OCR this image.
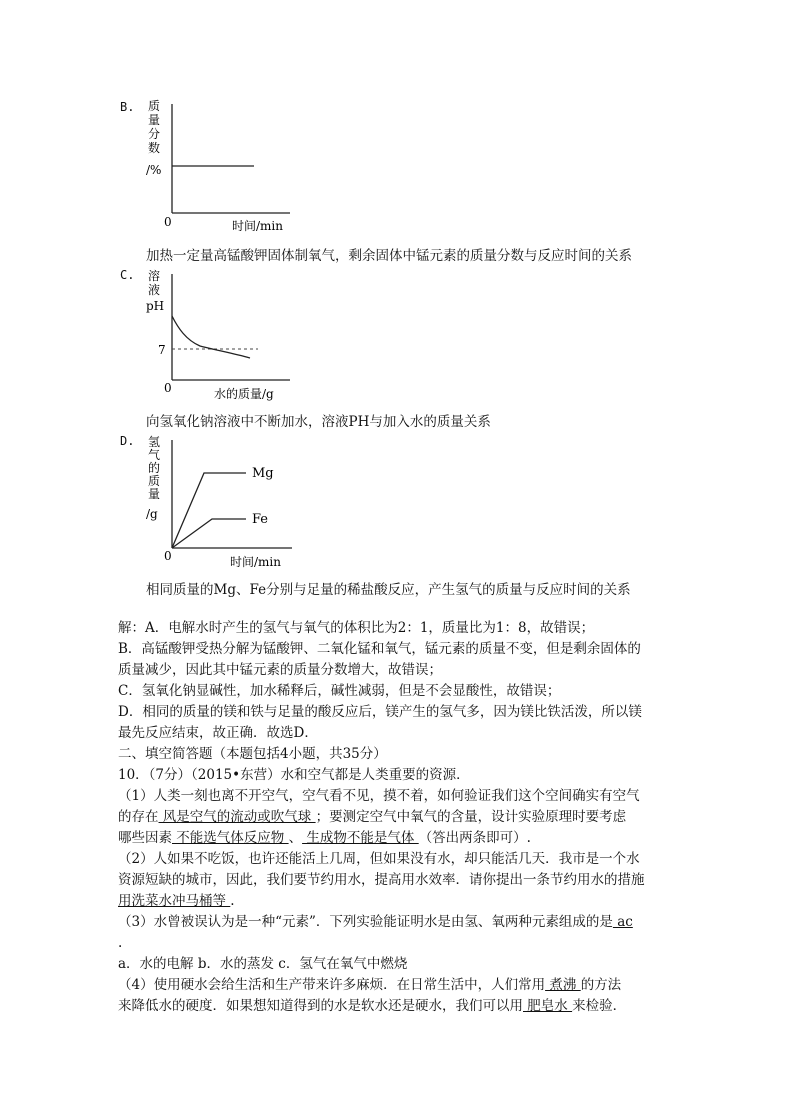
B. 质
量
分
数
/%
0	时间/min
加热一定量高锰酸钾固体制氧气，剩余固体中锰元素的质量分数与反应时间的关系
C. 溶
液
pH
7
0	水的质量/g
向氢氧化钠溶液中不断加水，溶液PH与加入水的质量关系
D. 氢
气
的
质
量
/g
Mg
Fe
0	时间/min
相同质量的Mg、Fe分别与足量的稀盐酸反应，产生氢气的质量与反应时间的关系
解：A．电解水时产生的氢气与氧气的体积比为2：1，质量比为1：8，故错误；
B．高锰酸钾受热分解为锰酸钾、二氧化锰和氧气，锰元素的质量不变，但是剩余固体的
质量减少，因此其中锰元素的质量分数增大，故错误；
C．氢氧化钠显碱性，加水稀释后，碱性减弱，但是不会显酸性，故错误；
D．相同的质量的镁和铁与足量的酸反应后，镁产生的氢气多，因为镁比铁活泼，所以镁
最先反应结束，故正确．故选D．
二、填空简答题（本题包括4小题，共35分）
10．（7分）（2015•东营）水和空气都是人类重要的资源．
（1）人类一刻也离不开空气，空气看不见，摸不着，如何验证我们这个空间确实有空气
的存在 风是空气的流动或吹气球 ；要测定空气中氧气的含量，设计实验原理时要考虑
哪些因素 不能选气体反应物 、 生成物不能是气体 （答出两条即可）.
（2）人如果不吃饭，也许还能活上几周，但如果没有水，却只能活几天．我市是一个水
资源短缺的城市，因此，我们要节约用水，提高用水效率．请你提出一条节约用水的措施
用洗菜水冲马桶等 .
（3）水曾被误认为是一种“元素”．下列实验能证明水是由氢、氧两种元素组成的是 ac
.
a．水的电解 b．水的蒸发 c．氢气在氧气中燃烧
（4）使用硬水会给生活和生产带来许多麻烦．在日常生活中，人们常用 煮沸 的方法
来降低水的硬度．如果想知道得到的水是软水还是硬水，我们可以用 肥皂水 来检验．
